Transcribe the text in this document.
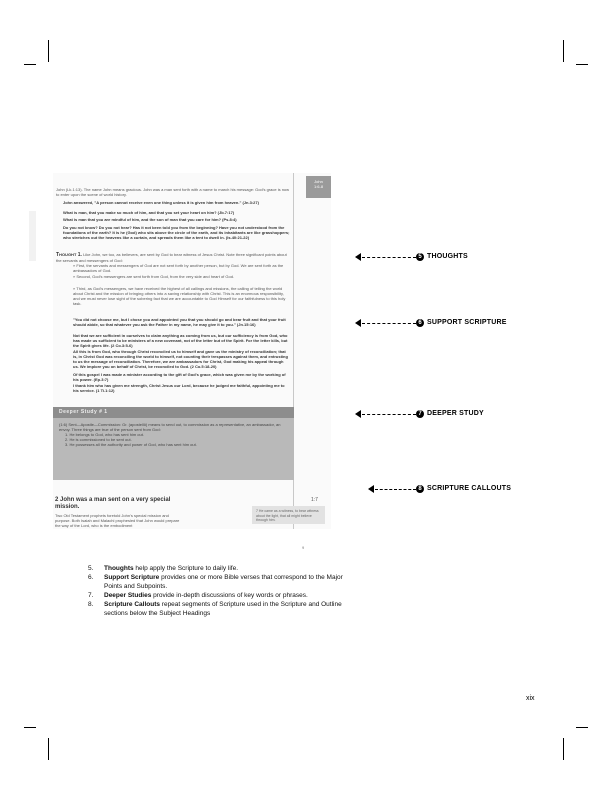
John
1:6-8
John (Lk.1:13). The name John means gracious. John was a man sent forth with a name to march his message: God's grace is now to enter upon the scene of world history.
John answered, "A person cannot receive even one thing unless it is given him from heaven." (Jn.3:27)
What is man, that you make so much of him, and that you set your heart on him? (Jb.7:17)
What is man that you are mindful of him, and the son of man that you care for him? (Ps.8:4)
Do you not know? Do you not hear? Has it not been told you from the beginning? Have you not understood from the foundations of the earth? It is he (God) who sits above the circle of the earth, and its inhabitants are like grasshoppers; who stretches out the heavens like a curtain, and spreads them like a tent to dwell in. (Is.40:21-22)
Thought 1. Like John, we too, as believers, are sent by God to bear witness of Jesus Christ. Note three significant points about the servants and messengers of God:
» First, the servants and messengers of God are not sent forth by another person, but by God. We are sent forth as the ambassadors of God.
» Second, God's messengers are sent forth from God, from the very side and heart of God.
» Third, as God's messengers, we have received the highest of all callings and missions, the calling of telling the world about Christ and the mission of bringing others into a saving relationship with Christ. This is an enormous responsibility, and we must never lose sight of the sobering fact that we are accountable to God Himself for our faithfulness to this holy task.
"You did not choose me, but I chose you and appointed you that you should go and bear fruit and that your fruit should abide, so that whatever you ask the Father in my name, he may give it to you." (Jn.15:16)
Not that we are sufficient in ourselves to claim anything as coming from us, but our sufficiency is from God, who has made us sufficient to be ministers of a new covenant, not of the letter but of the Spirit. For the letter kills, but the Spirit gives life. (2 Co.3:5-6)
All this is from God, who through Christ reconciled us to himself and gave us the ministry of reconciliation; that is, in Christ God was reconciling the world to himself, not counting their trespasses against them, and entrusting to us the message of reconciliation. Therefore, we are ambassadors for Christ, God making his appeal through us. We implore you on behalf of Christ, be reconciled to God. (2 Co.5:18-20)
Of this gospel I was made a minister according to the gift of God's grace, which was given me by the working of his power. (Ep.3:7)
I thank him who has given me strength, Christ Jesus our Lord, because he judged me faithful, appointing me to his service. (1 Ti.1:12)
Deeper Study # 1
(1:6) Sent—Apostle—Commission: Gr. (apostellō) means to send out, to commission as a representative, an ambassador, an envoy. Three things are true of the person sent from God:
1. He belongs to God, who has sent him out.
2. He is commissioned to be sent out.
3. He possesses all the authority and power of God, who has sent him out.
2 John was a man sent on a very special mission.
Two Old Testament prophets foretold John's special mission and purpose. Both Isaiah and Malachi prophesied that John would prepare the way of the Lord, who is the embodiment
1:7
7 He came as a witness, to bear witness about the light, that all might believe through him.
9
5 THOUGHTS
6 SUPPORT SCRIPTURE
7 DEEPER STUDY
8 SCRIPTURE CALLOUTS
5. Thoughts help apply the Scripture to daily life.
6. Support Scripture provides one or more Bible verses that correspond to the Major Points and Subpoints.
7. Deeper Studies provide in-depth discussions of key words or phrases.
8. Scripture Callouts repeat segments of Scripture used in the Scripture and Outline sections below the Subject Headings
xix
